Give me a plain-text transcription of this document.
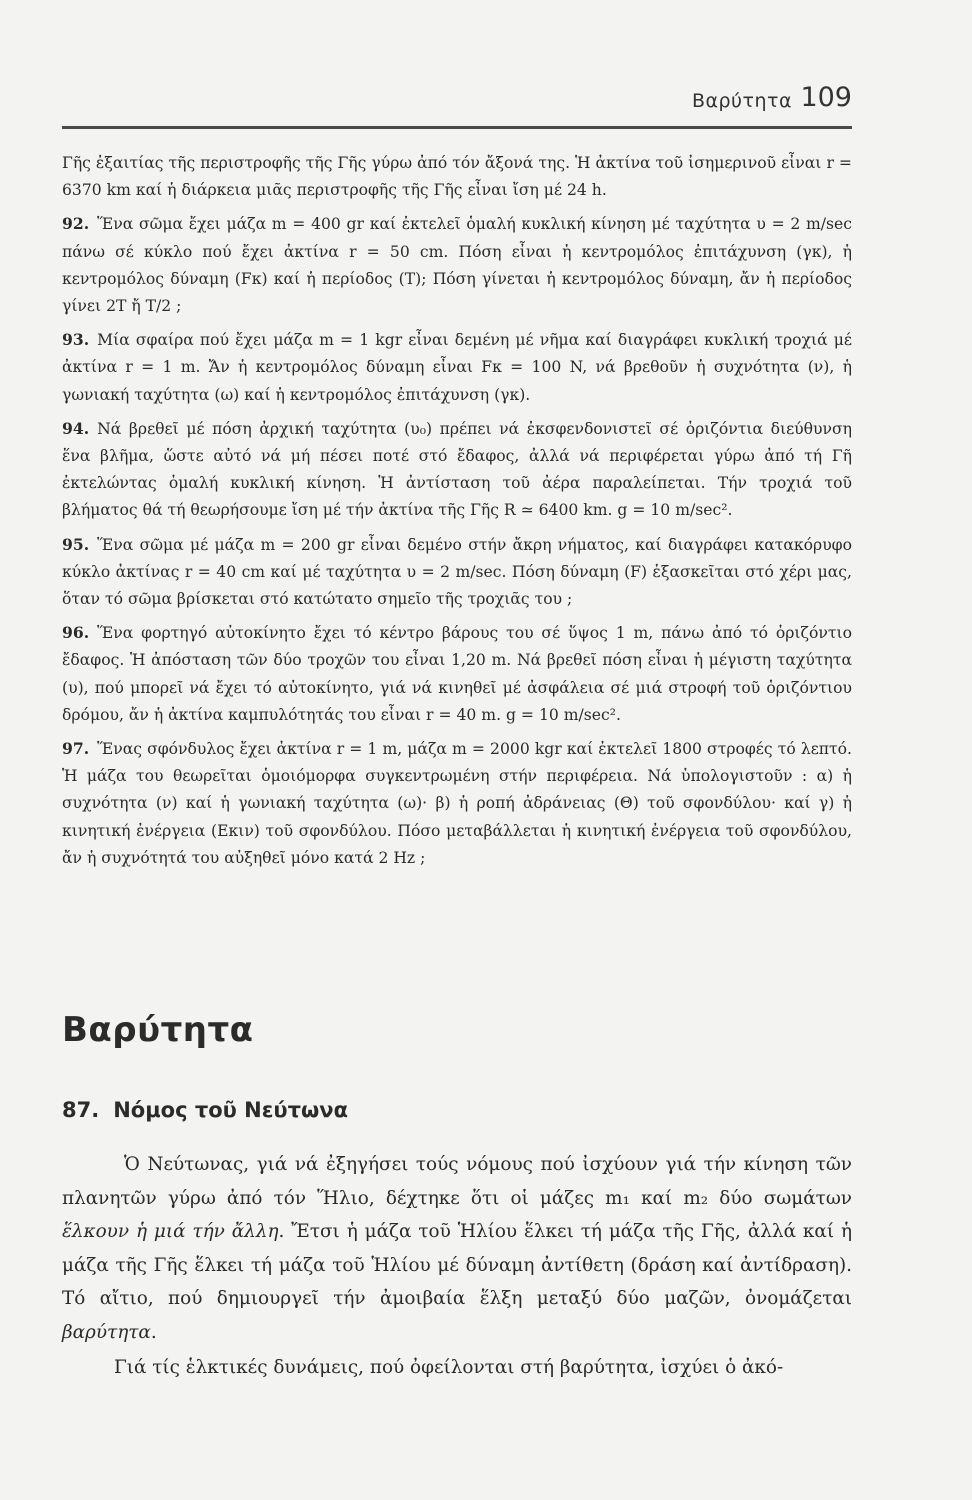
Βαρύτητα 109

Γῆς ἐξαιτίας τῆς περιστροφῆς τῆς Γῆς γύρω ἀπό τόν ἄξονά της. Ἡ ἀκτίνα τοῦ ἰσημερινοῦ εἶναι r = 6370 km καί ἡ διάρκεια μιᾶς περιστροφῆς τῆς Γῆς εἶναι ἴση μέ 24 h.

92. Ἕνα σῶμα ἔχει μάζα m = 400 gr καί ἐκτελεῖ ὁμαλή κυκλική κίνηση μέ ταχύτητα υ = 2 m/sec πάνω σέ κύκλο πού ἔχει ἀκτίνα r = 50 cm. Πόση εἶναι ἡ κεντρομόλος ἐπιτάχυνση (γκ), ἡ κεντρομόλος δύναμη (Fκ) καί ἡ περίοδος (T); Πόση γίνεται ἡ κεντρομόλος δύναμη, ἄν ἡ περίοδος γίνει 2T ἤ T/2 ;

93. Μία σφαίρα πού ἔχει μάζα m = 1 kgr εἶναι δεμένη μέ νῆμα καί διαγράφει κυκλική τροχιά μέ ἀκτίνα r = 1 m. Ἄν ἡ κεντρομόλος δύναμη εἶναι Fκ = 100 N, νά βρεθοῦν ἡ συχνότητα (ν), ἡ γωνιακή ταχύτητα (ω) καί ἡ κεντρομόλος ἐπιτάχυνση (γκ).

94. Νά βρεθεῖ μέ πόση ἀρχική ταχύτητα (υ₀) πρέπει νά ἐκσφενδονιστεῖ σέ ὁριζόντια διεύθυνση ἕνα βλῆμα, ὥστε αὐτό νά μή πέσει ποτέ στό ἔδαφος, ἀλλά νά περιφέρεται γύρω ἀπό τή Γῆ ἐκτελώντας ὁμαλή κυκλική κίνηση. Ἡ ἀντίσταση τοῦ ἀέρα παραλείπεται. Τήν τροχιά τοῦ βλήματος θά τή θεωρήσουμε ἴση μέ τήν ἀκτίνα τῆς Γῆς R ≃ 6400 km. g = 10 m/sec².

95. Ἕνα σῶμα μέ μάζα m = 200 gr εἶναι δεμένο στήν ἄκρη νήματος, καί διαγράφει κατακόρυφο κύκλο ἀκτίνας r = 40 cm καί μέ ταχύτητα υ = 2 m/sec. Πόση δύναμη (F) ἐξασκεῖται στό χέρι μας, ὅταν τό σῶμα βρίσκεται στό κατώτατο σημεῖο τῆς τροχιᾶς του ;

96. Ἕνα φορτηγό αὐτοκίνητο ἔχει τό κέντρο βάρους του σέ ὕψος 1 m, πάνω ἀπό τό ὁριζόντιο ἔδαφος. Ἡ ἀπόσταση τῶν δύο τροχῶν του εἶναι 1,20 m. Νά βρεθεῖ πόση εἶναι ἡ μέγιστη ταχύτητα (υ), πού μπορεῖ νά ἔχει τό αὐτοκίνητο, γιά νά κινηθεῖ μέ ἀσφάλεια σέ μιά στροφή τοῦ ὁριζόντιου δρόμου, ἄν ἡ ἀκτίνα καμπυλότητάς του εἶναι r = 40 m. g = 10 m/sec².

97. Ἕνας σφόνδυλος ἔχει ἀκτίνα r = 1 m, μάζα m = 2000 kgr καί ἐκτελεῖ 1800 στροφές τό λεπτό. Ἡ μάζα του θεωρεῖται ὁμοιόμορφα συγκεντρωμένη στήν περιφέρεια. Νά ὑπολογιστοῦν : α) ἡ συχνότητα (ν) καί ἡ γωνιακή ταχύτητα (ω)· β) ἡ ροπή ἀδράνειας (Θ) τοῦ σφονδύλου· καί γ) ἡ κινητική ἐνέργεια (Eκιν) τοῦ σφονδύλου. Πόσο μεταβάλλεται ἡ κινητική ἐνέργεια τοῦ σφονδύλου, ἄν ἡ συχνότητά του αὐξηθεῖ μόνο κατά 2 Hz ;

Βαρύτητα
87. Νόμος τοῦ Νεύτωνα

Ὁ Νεύτωνας, γιά νά ἐξηγήσει τούς νόμους πού ἰσχύουν γιά τήν κίνηση τῶν πλανητῶν γύρω ἀπό τόν Ἥλιο, δέχτηκε ὅτι οἱ μάζες m₁ καί m₂ δύο σωμάτων ἕλκουν ἡ μιά τήν ἄλλη. Ἔτσι ἡ μάζα τοῦ Ἡλίου ἕλκει τή μάζα τῆς Γῆς, ἀλλά καί ἡ μάζα τῆς Γῆς ἕλκει τή μάζα τοῦ Ἡλίου μέ δύναμη ἀντίθετη (δράση καί ἀντίδραση). Τό αἴτιο, πού δημιουργεῖ τήν ἀμοιβαία ἕλξη μεταξύ δύο μαζῶν, ὀνομάζεται βαρύτητα.

Γιά τίς ἑλκτικές δυνάμεις, πού ὀφείλονται στή βαρύτητα, ἰσχύει ὁ ἀκό-
